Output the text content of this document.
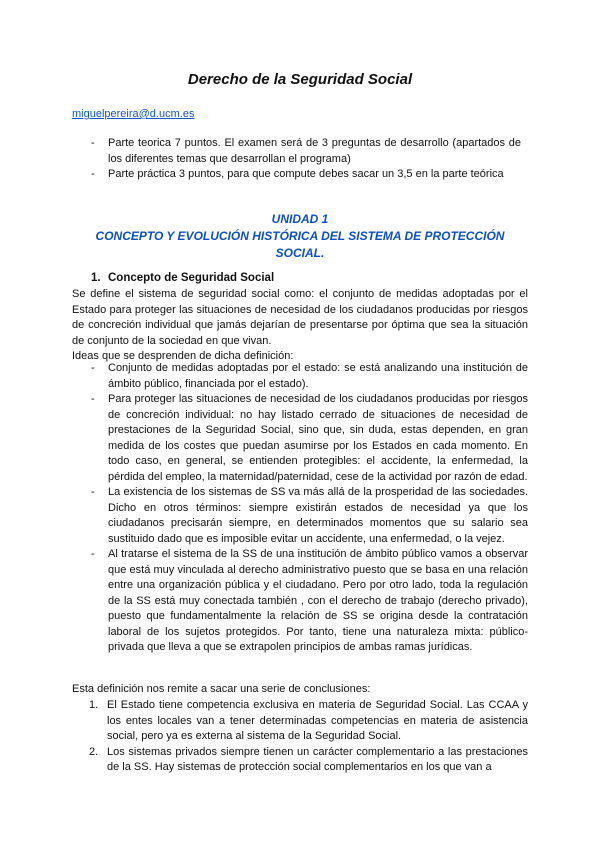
Derecho de la Seguridad Social
miguelpereira@d.ucm.es
- Parte teorica 7 puntos. El examen será de 3 preguntas de desarrollo (apartados de los diferentes temas que desarrollan el programa)
- Parte práctica 3 puntos, para que compute debes sacar un 3,5 en la parte teórica
UNIDAD 1
CONCEPTO Y EVOLUCIÓN HISTÓRICA DEL SISTEMA DE PROTECCIÓN SOCIAL.
1. Concepto de Seguridad Social

Se define el sistema de seguridad social como: el conjunto de medidas adoptadas por el Estado para proteger las situaciones de necesidad de los ciudadanos producidas por riesgos de concreción individual que jamás dejarían de presentarse por óptima que sea la situación de conjunto de la sociedad en que vivan.

Ideas que se desprenden de dicha definición:

- Conjunto de medidas adoptadas por el estado: se está analizando una institución de ámbito público, financiada por el estado).
- Para proteger las situaciones de necesidad de los ciudadanos producidas por riesgos de concreción individual: no hay listado cerrado de situaciones de necesidad de prestaciones de la Seguridad Social, sino que, sin duda, estas dependen, en gran medida de los costes que puedan asumirse por los Estados en cada momento. En todo caso, en general, se entienden protegibles: el accidente, la enfermedad, la pérdida del empleo, la maternidad/paternidad, cese de la actividad por razón de edad.
- La existencia de los sistemas de SS va más allá de la prosperidad de las sociedades. Dicho en otros términos: siempre existirán estados de necesidad ya que los ciudadanos precisarán siempre, en determinados momentos que su salario sea sustituido dado que es imposible evitar un accidente, una enfermedad, o la vejez.
- Al tratarse el sistema de la SS de una institución de ámbito público vamos a observar que está muy vinculada al derecho administrativo puesto que se basa en una relación entre una organización pública y el ciudadano. Pero por otro lado, toda la regulación de la SS está muy conectada también , con el derecho de trabajo (derecho privado), puesto que fundamentalmente la relación de SS se origina desde la contratación laboral de los sujetos protegidos. Por tanto, tiene una naturaleza mixta: público-privada que lleva a que se extrapolen principios de ambas ramas jurídicas.
Esta definición nos remite a sacar una serie de conclusiones:
1. El Estado tiene competencia exclusiva en materia de Seguridad Social. Las CCAA y los entes locales van a tener determinadas competencias en materia de asistencia social, pero ya es externa al sistema de la Seguridad Social.
2. Los sistemas privados siempre tienen un carácter complementario a las prestaciones de la SS. Hay sistemas de protección social complementarios en los que van a
